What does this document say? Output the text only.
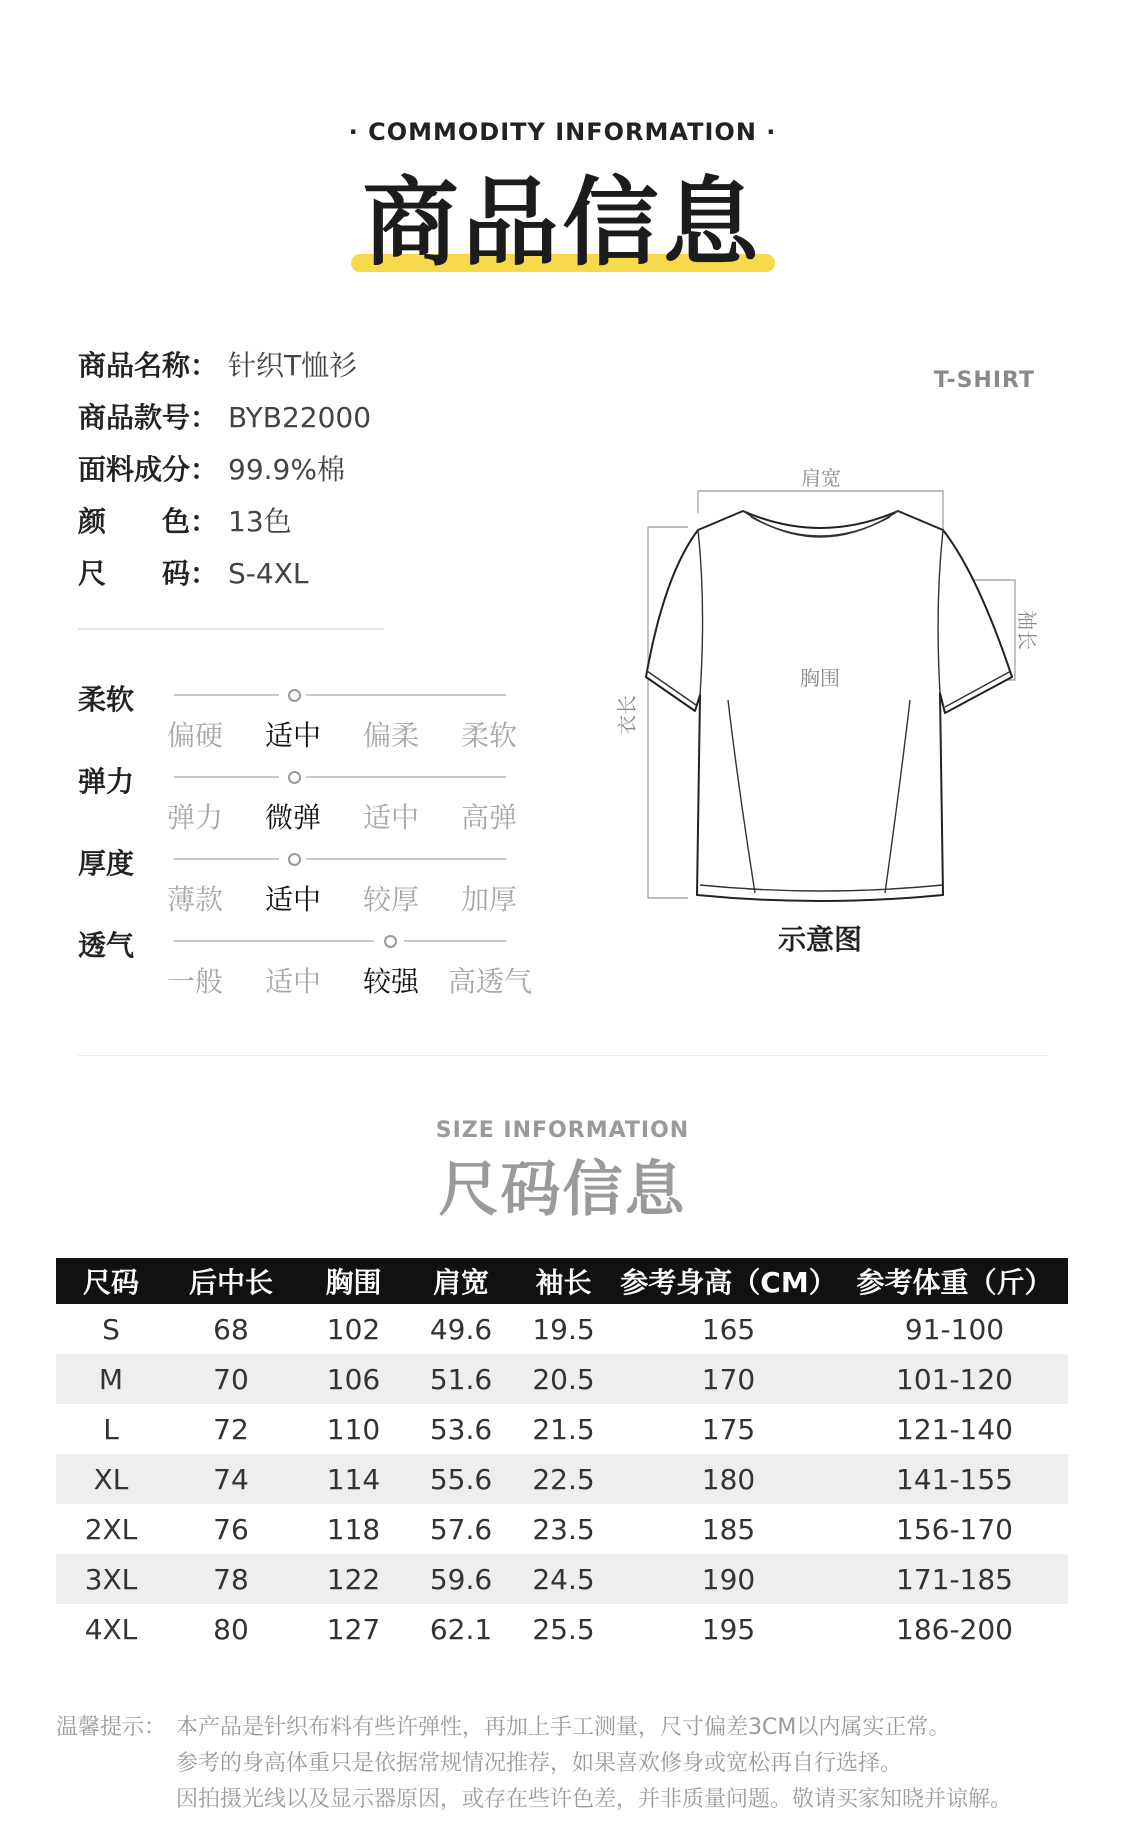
· COMMODITY INFORMATION ·
商品信息
商品名称： 针织T恤衫
商品款号： BYB22000
面料成分： 99.9%棉
颜　　色： 13色
尺　　码： S-4XL
柔软
偏硬	适中	偏柔	柔软
弹力
弹力	微弹	适中	高弹
厚度
薄款	适中	较厚	加厚
透气
一般	适中	较强	高透气
T-SHIRT
肩宽
胸围
袖长
衣长
示意图
SIZE INFORMATION
尺码信息
尺码	后中长	胸围	肩宽	袖长	参考身高（CM）	参考体重（斤）
S	68	102	49.6	19.5	165	91-100
M	70	106	51.6	20.5	170	101-120
L	72	110	53.6	21.5	175	121-140
XL	74	114	55.6	22.5	180	141-155
2XL	76	118	57.6	23.5	185	156-170
3XL	78	122	59.6	24.5	190	171-185
4XL	80	127	62.1	25.5	195	186-200
温馨提示： 本产品是针织布料有些许弹性，再加上手工测量，尺寸偏差3CM以内属实正常。
参考的身高体重只是依据常规情况推荐，如果喜欢修身或宽松再自行选择。
因拍摄光线以及显示器原因，或存在些许色差，并非质量问题。敬请买家知晓并谅解。
